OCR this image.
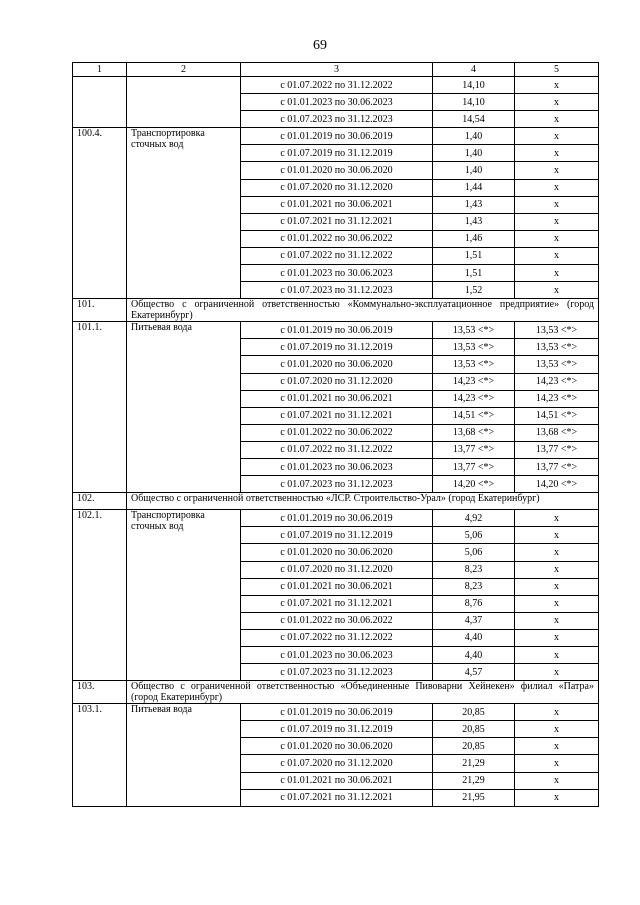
69
1	2	3	4	5
		с 01.07.2022 по 31.12.2022	14,10	x
		с 01.01.2023 по 30.06.2023	14,10	x
		с 01.07.2023 по 31.12.2023	14,54	x
100.4.	Транспортировка сточных вод	с 01.01.2019 по 30.06.2019	1,40	x
		с 01.07.2019 по 31.12.2019	1,40	x
		с 01.01.2020 по 30.06.2020	1,40	x
		с 01.07.2020 по 31.12.2020	1,44	x
		с 01.01.2021 по 30.06.2021	1,43	x
		с 01.07.2021 по 31.12.2021	1,43	x
		с 01.01.2022 по 30.06.2022	1,46	x
		с 01.07.2022 по 31.12.2022	1,51	x
		с 01.01.2023 по 30.06.2023	1,51	x
		с 01.07.2023 по 31.12.2023	1,52	x
101.	Общество с ограниченной ответственностью «Коммунально-эксплуатационное предприятие» (город Екатеринбург)			
101.1.	Питьевая вода	с 01.01.2019 по 30.06.2019	13,53 <*>	13,53 <*>
		с 01.07.2019 по 31.12.2019	13,53 <*>	13,53 <*>
		с 01.01.2020 по 30.06.2020	13,53 <*>	13,53 <*>
		с 01.07.2020 по 31.12.2020	14,23 <*>	14,23 <*>
		с 01.01.2021 по 30.06.2021	14,23 <*>	14,23 <*>
		с 01.07.2021 по 31.12.2021	14,51 <*>	14,51 <*>
		с 01.01.2022 по 30.06.2022	13,68 <*>	13,68 <*>
		с 01.07.2022 по 31.12.2022	13,77 <*>	13,77 <*>
		с 01.01.2023 по 30.06.2023	13,77 <*>	13,77 <*>
		с 01.07.2023 по 31.12.2023	14,20 <*>	14,20 <*>
102.	Общество с ограниченной ответственностью «ЛСР. Строительство-Урал» (город Екатеринбург)			
102.1.	Транспортировка сточных вод	с 01.01.2019 по 30.06.2019	4,92	x
		с 01.07.2019 по 31.12.2019	5,06	x
		с 01.01.2020 по 30.06.2020	5,06	x
		с 01.07.2020 по 31.12.2020	8,23	x
		с 01.01.2021 по 30.06.2021	8,23	x
		с 01.07.2021 по 31.12.2021	8,76	x
		с 01.01.2022 по 30.06.2022	4,37	x
		с 01.07.2022 по 31.12.2022	4,40	x
		с 01.01.2023 по 30.06.2023	4,40	x
		с 01.07.2023 по 31.12.2023	4,57	x
103.	Общество с ограниченной ответственностью «Объединенные Пивоварни Хейнекен» филиал «Патра» (город Екатеринбург)			
103.1.	Питьевая вода	с 01.01.2019 по 30.06.2019	20,85	x
		с 01.07.2019 по 31.12.2019	20,85	x
		с 01.01.2020 по 30.06.2020	20,85	x
		с 01.07.2020 по 31.12.2020	21,29	x
		с 01.01.2021 по 30.06.2021	21,29	x
		с 01.07.2021 по 31.12.2021	21,95	x
